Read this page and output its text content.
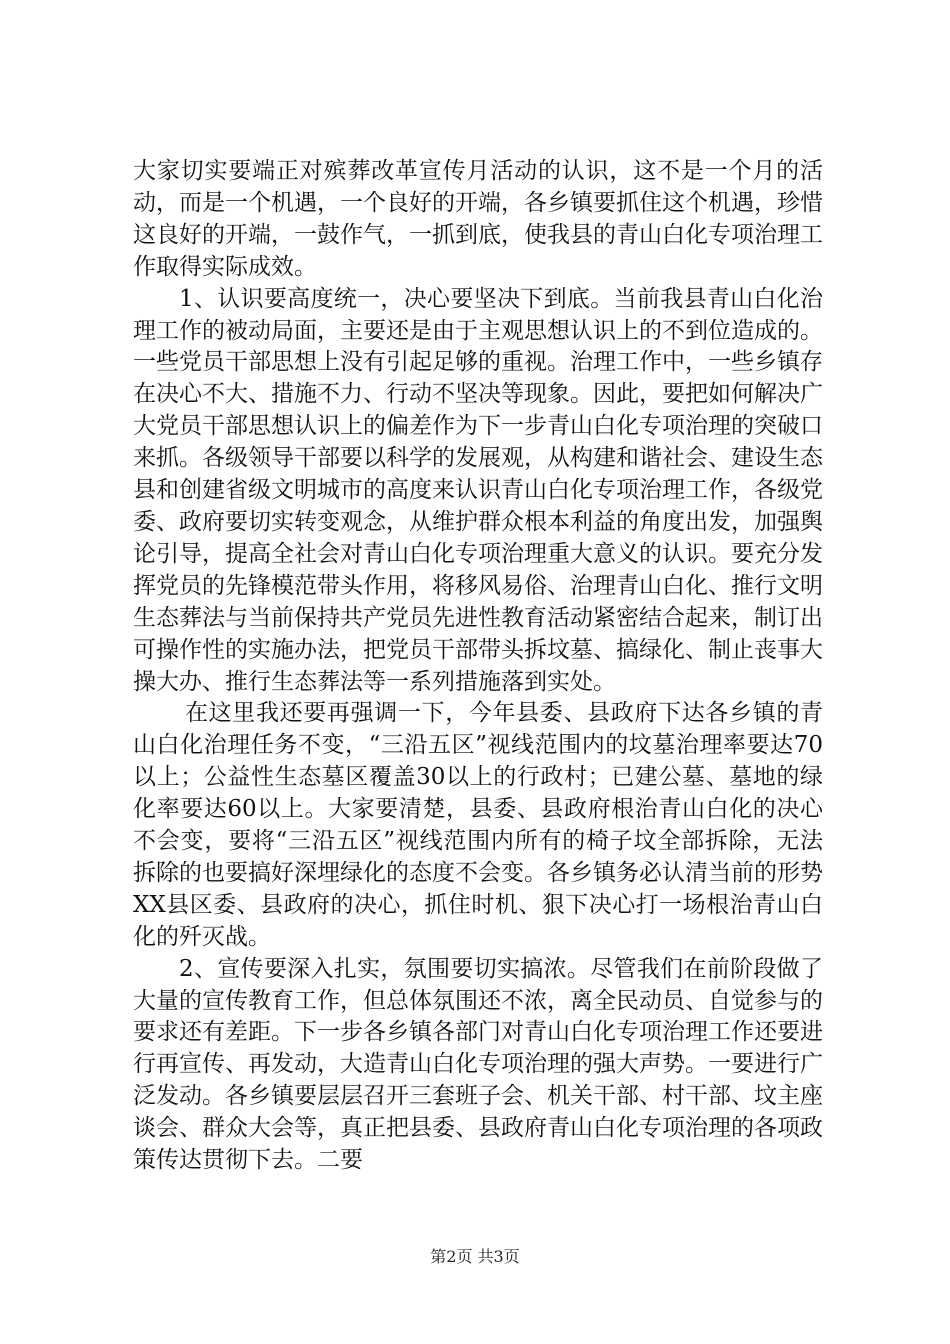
大家切实要端正对殡葬改革宣传月活动的认识，这不是一个月的活动，而是一个机遇，一个良好的开端，各乡镇要抓住这个机遇，珍惜这良好的开端，一鼓作气，一抓到底，使我县的青山白化专项治理工作取得实际成效。

1、认识要高度统一，决心要坚决下到底。当前我县青山白化治理工作的被动局面，主要还是由于主观思想认识上的不到位造成的。一些党员干部思想上没有引起足够的重视。治理工作中，一些乡镇存在决心不大、措施不力、行动不坚决等现象。因此，要把如何解决广大党员干部思想认识上的偏差作为下一步青山白化专项治理的突破口来抓。各级领导干部要以科学的发展观，从构建和谐社会、建设生态县和创建省级文明城市的高度来认识青山白化专项治理工作，各级党委、政府要切实转变观念，从维护群众根本利益的角度出发，加强舆论引导，提高全社会对青山白化专项治理重大意义的认识。要充分发挥党员的先锋模范带头作用，将移风易俗、治理青山白化、推行文明生态葬法与当前保持共产党员先进性教育活动紧密结合起来，制订出可操作性的实施办法，把党员干部带头拆坟墓、搞绿化、制止丧事大操大办、推行生态葬法等一系列措施落到实处。

在这里我还要再强调一下，今年县委、县政府下达各乡镇的青山白化治理任务不变，“三沿五区”视线范围内的坟墓治理率要达70以上；公益性生态墓区覆盖30以上的行政村；已建公墓、墓地的绿化率要达60以上。大家要清楚，县委、县政府根治青山白化的决心不会变，要将“三沿五区”视线范围内所有的椅子坟全部拆除，无法拆除的也要搞好深埋绿化的态度不会变。各乡镇务必认清当前的形势XX县区委、县政府的决心，抓住时机、狠下决心打一场根治青山白化的歼灭战。

2、宣传要深入扎实，氛围要切实搞浓。尽管我们在前阶段做了大量的宣传教育工作，但总体氛围还不浓，离全民动员、自觉参与的要求还有差距。下一步各乡镇各部门对青山白化专项治理工作还要进行再宣传、再发动，大造青山白化专项治理的强大声势。一要进行广泛发动。各乡镇要层层召开三套班子会、机关干部、村干部、坟主座谈会、群众大会等，真正把县委、县政府青山白化专项治理的各项政策传达贯彻下去。二要

第2页 共3页
